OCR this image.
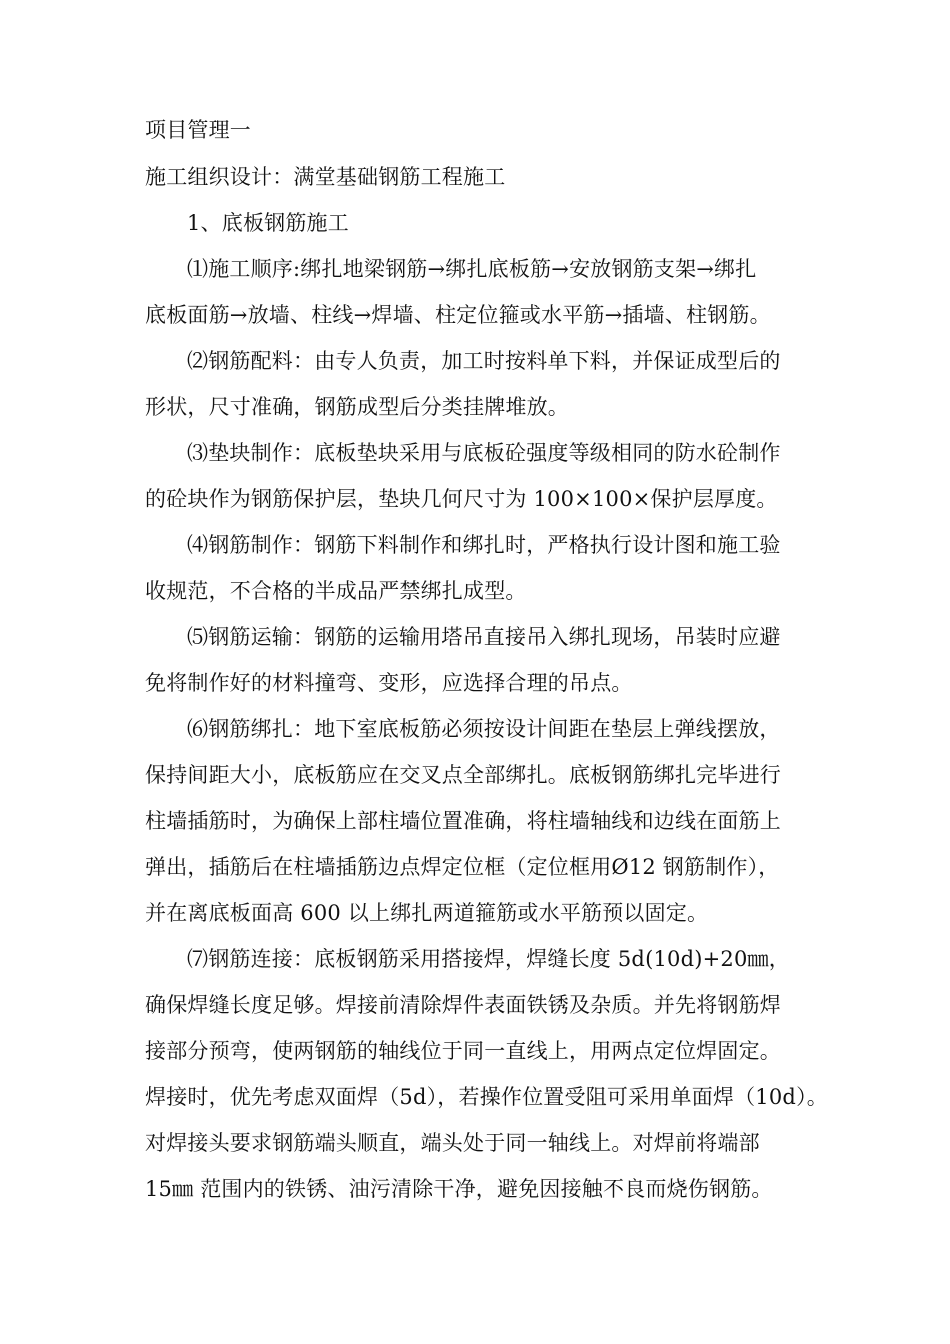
项目管理一
施工组织设计：满堂基础钢筋工程施工
1、底板钢筋施工
⑴施工顺序:绑扎地梁钢筋→绑扎底板筋→安放钢筋支架→绑扎
底板面筋→放墙、柱线→焊墙、柱定位箍或水平筋→插墙、柱钢筋。
⑵钢筋配料：由专人负责，加工时按料单下料，并保证成型后的
形状，尺寸准确，钢筋成型后分类挂牌堆放。
⑶垫块制作：底板垫块采用与底板砼强度等级相同的防水砼制作
的砼块作为钢筋保护层，垫块几何尺寸为 100×100×保护层厚度。
⑷钢筋制作：钢筋下料制作和绑扎时，严格执行设计图和施工验
收规范，不合格的半成品严禁绑扎成型。
⑸钢筋运输：钢筋的运输用塔吊直接吊入绑扎现场，吊装时应避
免将制作好的材料撞弯、变形，应选择合理的吊点。
⑹钢筋绑扎：地下室底板筋必须按设计间距在垫层上弹线摆放，
保持间距大小，底板筋应在交叉点全部绑扎。底板钢筋绑扎完毕进行
柱墙插筋时，为确保上部柱墙位置准确，将柱墙轴线和边线在面筋上
弹出，插筋后在柱墙插筋边点焊定位框（定位框用Ø12 钢筋制作），
并在离底板面高 600 以上绑扎两道箍筋或水平筋预以固定。
⑺钢筋连接：底板钢筋采用搭接焊，焊缝长度 5d(10d)+20㎜，
确保焊缝长度足够。焊接前清除焊件表面铁锈及杂质。并先将钢筋焊
接部分预弯，使两钢筋的轴线位于同一直线上，用两点定位焊固定。
焊接时，优先考虑双面焊（5d），若操作位置受阻可采用单面焊（10d）。
对焊接头要求钢筋端头顺直，端头处于同一轴线上。对焊前将端部
15㎜ 范围内的铁锈、油污清除干净，避免因接触不良而烧伤钢筋。
